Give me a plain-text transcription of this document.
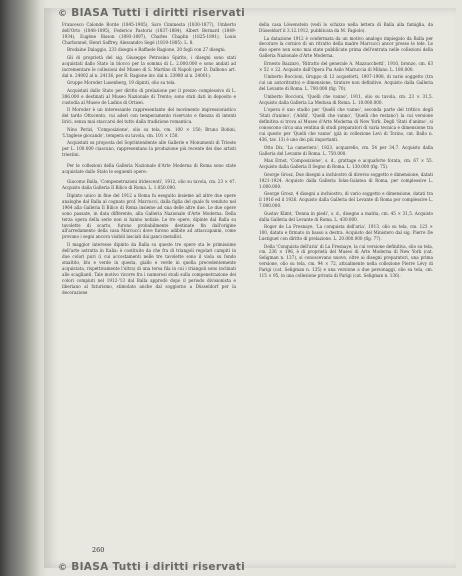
© BIASA Tutti i diritti riservati

Francesco Calonde Borde (1845-1905), Saro Ciminesta (1830-1877), Umberto dell'Orto (1848-1895), Federico Pastoris (1837-1884), Albert Bernard (1849-1934), Eugène Bisson (1893-1897), Charles Chaplin (1825-1891), Louis Charbonnel, Henri Saffrey, Alessandro Segé (1819-1885). L. 8.

Brodaine Dalaggio, 233 disegni e Raffaele Ragione, 20 fogli con 27 disegni.

Gli di proprietà del sig. Giuseppe Petrosino Spirito, i disegni sono stati acquistati dallo Stato in blocco per la somma di L. 2.000.000 e sono andati ad incrementare le collezioni del Museo di S. Martino di Napoli (per D. Dalbono art. dal n. 24002 al n. 24136, per R. Ragione inv. dal n. 23980 al n. 24001).

Gruppe Moroder Lusenberg, 19 dipinti, olio su tela.

Acquistati dallo Stato per diritto di prelazione per il prezzo complessivo di L. 386.000 e destinati al Museo Nazionale di Trento; sono stati dati in deposito e custodia al Museo de Ladins di Ortisei.

Il Moroder è un interessante rappresentante del movimento impressionistico del tardo Ottocento, cui aderì con temperamento riservato e finezza di intenti lirici, senza mai staccarsi del tutto dalla tradizione romantica.

Nino Perizi, 'Composizione', olio su tela, cm. 100 × 150; Bruno Bobini, 'L'inglese giocando', tempera su tavola, cm. 101 × 150.

Acquistati su proposta del Soprintendente alle Gallerie e Monumenti di Trieste per L. 100.000 ciascuno, rappresentano la produzione più recente dei due artisti triestini.

Per le collezioni della Galleria Nazionale d'Arte Moderna di Roma sono state acquistate dallo Stato le seguenti opere:

Giacomo Balla, 'Compenetrazioni iridescenti', 1912, olio su tavola, cm. 23 × 47. Acquisto dalla Galleria Il Bilico di Roma. L. 1.850.000.

Dipinto unico in fine del 1912 a Roma fu eseguito insieme ad altre due opere analoghe dal Balla al cognato prof. Marcucci, dalla figlia del quale fu venduto nel 1964 alla Galleria Il Bilico di Roma insieme ad una delle altre due. Le due opere sono passate, in data differente, alla Galleria Nazionale d'Arte Moderna. Della terza opera della serie non si hanno notizie. Le tre opere, dipinte dal Balla su tavolette di scarto, furono probabilmente destinate fin dall'origine all'arredamento della casa Marcucci dove furono adibite ad attaccapanni, come provano i segni ancora visibili lasciati dai ganci metallici.

Il maggior interesse dipinto da Balla su queste tre opere sta le primissime dell'arte astratta in Italia: è costituito da che fra di triangoli regolari campiti in due colori puri (i cui accostamenti nelle tre tavolette sono il viola su fondo smaltito, blu e verde in questa, giallo e verde in quella precedentemente acquistata, rispettivamente l'ultra) di una tersa fila in cui i triangoli sono inclinati alle scaglianti. Tale motivo ricorre fra i numerosi studi sulla compenetrazione dei colori compiuti nel 1912-'13 dal Balla approdò dopo il periodo divisionista e liberiano al futurismo, stimolato anche dal soggiorno a Düsseldorf per la decorazione

della casa Löwenstein (vedi lo schizzo nella lettera di Balla alla famiglia, da Düsseldorf il 3.12.1912, pubblicata da M. Fagiolo).

La datazione 1912 è confermata da un motivo analogo impiegato da Balla per decorare la cornice di un ritratto della madre Marcucci ancor presso le tele. Le due opere non sono mai state pubblicate prima dell'entrata nelle collezioni della Galleria Nazionale d'Arte Moderna.

Ernesto Bazzaro, 'Ritratto del generale A. Mazzucchetti', 1910, bronzo, cm. 63 × 52 × 22. Acquisto dall'Opera Pia Asilo Mariuccia di Milano. L. 180.000.

Umberto Boccioni, Gruppo di 12 acqueforti, 1907-1908, di vario soggetto (tra cui un autoritratto) e dimensione, tirature non definitive. Acquisto dalla Galleria del Levante di Roma. L. 700.000 (fig. 70).

Umberto Boccioni, 'Quelli che vanno', 1911, olio su tavola, cm. 23 × 31,5. Acquisto dalla Galleria La Medusa di Roma. L. 18.000.000.

L'opera è uno studio per 'Quelli che vanno', seconda parte del trittico degli 'Stati d'animo', ('Addii', 'Quelli che vanno', 'Quelli che restano') la cui versione definitiva si trova al Museo d'Arte Moderna di New York. Degli 'Stati d'animo', si conoscono circa una ventina di studi preparatori di varia tecnica e dimensione tra cui questo per 'Quelli che vanno' (già in collezione Levi di Torino, cat. Ballo n. 436, tav. 13) è uno dei più importanti.

Otto Dix, 'La cameriera', 1923, acquarello, cm. 54 per 34,7. Acquisto dalla Galleria del Levante di Roma. L. 750.000.

Max Ernst, 'Composizione', s. d., grattage e acquaforte forata, cm. 67 × 55. Acquisto dalla Galleria Il Segno di Roma. L. 130.000 (fig. 75).

George Grosz, Due disegni a inchiostro di diverso soggetto e dimensione, datati 1921-1924. Acquisto dalla Galleria Iolas-Galatea di Roma, per complessive L. 1.000.000.

George Grosz, 4 disegni a inchiostro, di vario soggetto e dimensione, datati tra il 1916 ed il 1926. Acquisto dalla Galleria del Levante di Roma per complessive L. 7.000.000.

Gustav Klimt, 'Donna in piedi', s. d., disegno a matita, cm. 45 × 31,5. Acquisto dalla Galleria del Levante di Roma. L. 430.000.

Roger de La Fresnaye, 'La conquista dell'aria', 1913, olio su tela, cm. 123 × 100, datato e firmato in basso a destra. Acquisto del Ministero dal sig. Pierre De Lustiguet con diritto di prelazione. L. 20.000.000 (fig. 77).

Della 'Conquista dell'aria' di La Fresnaye, la cui versione definitiva, olio su tela, cm. 236 × 196, è di proprietà del Museo di Arte Moderna di New York (cat. Seligman n. 137), si conoscevano nuove, oltre ai disegni preparatori, una prima versione, olio su tela, cm. 94 × 72, attualmente nella collezione Pierre Lévy di Parigi (cat. Seligman n. 135) e una versione a due personaggi, olio su tela, cm. 115 × 95, in una collezione privata di Parigi (cat. Seligman n. 136).

260
© BIASA Tutti i diritti riservati
